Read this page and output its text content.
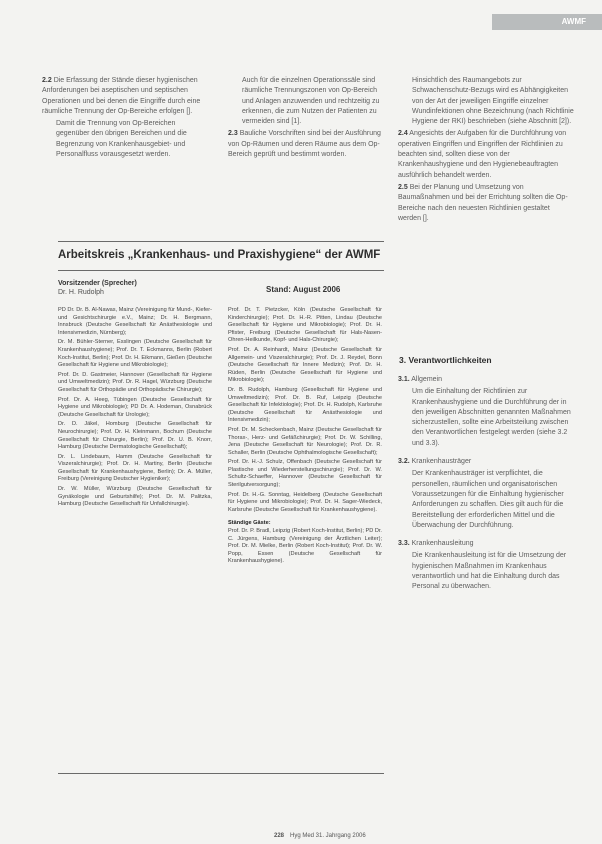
AWMF

2.2 Die Erfassung der Stände dieser hygienischen Anforderungen bei aseptischen und septischen Operationen und bei denen die Eingriffe durch eine räumliche Trennung der Op-Bereiche erfolgen [].

Damit die Trennung von Op-Bereichen gegenüber den übrigen Bereichen und die Begrenzung von Krankenhausgebiet- und Personalfluss vorausgesetzt werden.

Auch für die einzelnen Operationssäle sind räumliche Trennungszonen von Op-Bereich und Anlagen anzuwenden und rechtzeitig zu erkennen, die zum Nutzen der Patienten zu vermeiden sind [1].

2.3 Bauliche Vorschriften sind bei der Ausführung von Op-Räumen und deren Räume aus dem Op-Bereich geprüft und bestimmt worden.

Hinsichtlich des Raumangebots zur Schwachenschutz-Bezugs wird es Abhängigkeiten von der Art der jeweiligen Eingriffe einzelner Wundinfektionen ohne Bezeichnung (nach Richtlinie Hygiene der RKI) beschrieben (siehe Abschnitt [2]).

2.4 Angesichts der Aufgaben für die Durchführung von operativen Eingriffen und Eingriffen der Richtlinien zu beachten sind, sollten diese von der Krankenhaushygiene und den Hygienebeauftragten ausführlich behandelt werden.

2.5 Bei der Planung und Umsetzung von Baumaßnahmen und bei der Errichtung sollten die Op-Bereiche nach den neuesten Richtlinien gestaltet werden [].

Arbeitskreis „Krankenhaus- und Praxishygiene“ der AWMF
Vorsitzender (Sprecher)
Dr. H. Rudolph	Stand: August 2006

PD Dr. Dr. B. Al-Nawas, Mainz (Vereinigung für Mund-, Kiefer- und Gesichtschirurgie e.V., Mainz; Dr. H. Bergmann, Innsbruck (Deutsche Gesellschaft für Anästhesiologie und Intensivmedizin, Nürnberg);

Dr. M. Bühler-Sterner, Esslingen (Deutsche Gesellschaft für Krankenhaushygiene); Prof. Dr. T. Eckmanns, Berlin (Robert Koch-Institut, Berlin); Prof. Dr. H. Eikmann, Gießen (Deutsche Gesellschaft für Hygiene und Mikrobiologie);

Prof. Dr. D. Gastmeier, Hannover (Gesellschaft für Hygiene und Umweltmedizin); Prof. Dr. R. Hagel, Würzburg (Deutsche Gesellschaft für Orthopädie und Orthopädische Chirurgie);

Prof. Dr. A. Heeg, Tübingen (Deutsche Gesellschaft für Hygiene und Mikrobiologie); PD Dr. A. Hodeman, Osnabrück (Deutsche Gesellschaft für Urologie);

Dr. D. Jäkel, Homburg (Deutsche Gesellschaft für Neurochirurgie); Prof. Dr. H. Kleinmann, Bochum (Deutsche Gesellschaft für Chirurgie, Berlin); Prof. Dr. U. B. Knorr, Hamburg (Deutsche Dermatologische Gesellschaft);

Dr. L. Lindebaum, Hamm (Deutsche Gesellschaft für Viszeralchirurgie); Prof. Dr. H. Martiny, Berlin (Deutsche Gesellschaft für Krankenhaushygiene, Berlin); Dr. A. Müller, Freiburg (Vereinigung Deutscher Hygieniker);

Dr. W. Müller, Würzburg (Deutsche Gesellschaft für Gynäkologie und Geburtshilfe); Prof. Dr. M. Palitzka, Hamburg (Deutsche Gesellschaft für Unfallchirurgie).

Prof. Dr. T. Pietzcker, Köln (Deutsche Gesellschaft für Kinderchirurgie); Prof. Dr. H.-R. Pitten, Lindau (Deutsche Gesellschaft für Hygiene und Mikrobiologie); Prof. Dr. H. Pfister, Freiburg (Deutsche Gesellschaft für Hals-Nasen-Ohren-Heilkunde, Kopf- und Hals-Chirurgie);

Prof. Dr. A. Reinhardt, Mainz (Deutsche Gesellschaft für Allgemein- und Viszeralchirurgie); Prof. Dr. J. Reydel, Bonn (Deutsche Gesellschaft für Innere Medizin); Prof. Dr. H. Rüden, Berlin (Deutsche Gesellschaft für Hygiene und Mikrobiologie);

Dr. B. Rudolph, Hamburg (Gesellschaft für Hygiene und Umweltmedizin); Prof. Dr. B. Ruf, Leipzig (Deutsche Gesellschaft für Infektiologie); Prof. Dr. H. Rudolph, Karlsruhe (Deutsche Gesellschaft für Anästhesiologie und Intensivmedizin);

Prof. Dr. M. Scheckenbach, Mainz (Deutsche Gesellschaft für Thorax-, Herz- und Gefäßchirurgie); Prof. Dr. W. Schilling, Jena (Deutsche Gesellschaft für Neurologie); Prof. Dr. R. Schaller, Berlin (Deutsche Ophthalmologische Gesellschaft);

Prof. Dr. H.-J. Schulz, Offenbach (Deutsche Gesellschaft für Plastische und Wiederherstellungschirurgie); Prof. Dr. W. Schultz-Schaeffer, Hannover (Deutsche Gesellschaft für Sterilgutversorgung);

Prof. Dr. H.-G. Sonntag, Heidelberg (Deutsche Gesellschaft für Hygiene und Mikrobiologie); Prof. Dr. H. Sager-Wiedeck, Karlsruhe (Deutsche Gesellschaft für Krankenhaushygiene).

Ständige Gäste:
Prof. Dr. P. Bradl, Leipzig (Robert Koch-Institut, Berlin); PD Dr. C. Jürgens, Hamburg (Vereinigung der Ärztlichen Leiter); Prof. Dr. M. Mielke, Berlin (Robert Koch-Institut); Prof. Dr. W. Popp, Essen (Deutsche Gesellschaft für Krankenhaushygiene).

3. Verantwortlichkeiten

3.1. Allgemein

Um die Einhaltung der Richtlinien zur Krankenhaushygiene und die Durchführung der in den jeweiligen Abschnitten genannten Maßnahmen sicherzustellen, sollte eine Arbeitsteilung zwischen den Verantwortlichen festgelegt werden (siehe 3.2 und 3.3).

3.2. Krankenhausträger

Der Krankenhausträger ist verpflichtet, die personellen, räumlichen und organisatorischen Voraussetzungen für die Einhaltung hygienischer Anforderungen zu schaffen. Dies gilt auch für die Bereitstellung der erforderlichen Mittel und die Überwachung der Durchführung.

3.3. Krankenhausleitung

Die Krankenhausleitung ist für die Umsetzung der hygienischen Maßnahmen im Krankenhaus verantwortlich und hat die Einhaltung durch das Personal zu überwachen.

228 Hyg Med 31. Jahrgang 2006
